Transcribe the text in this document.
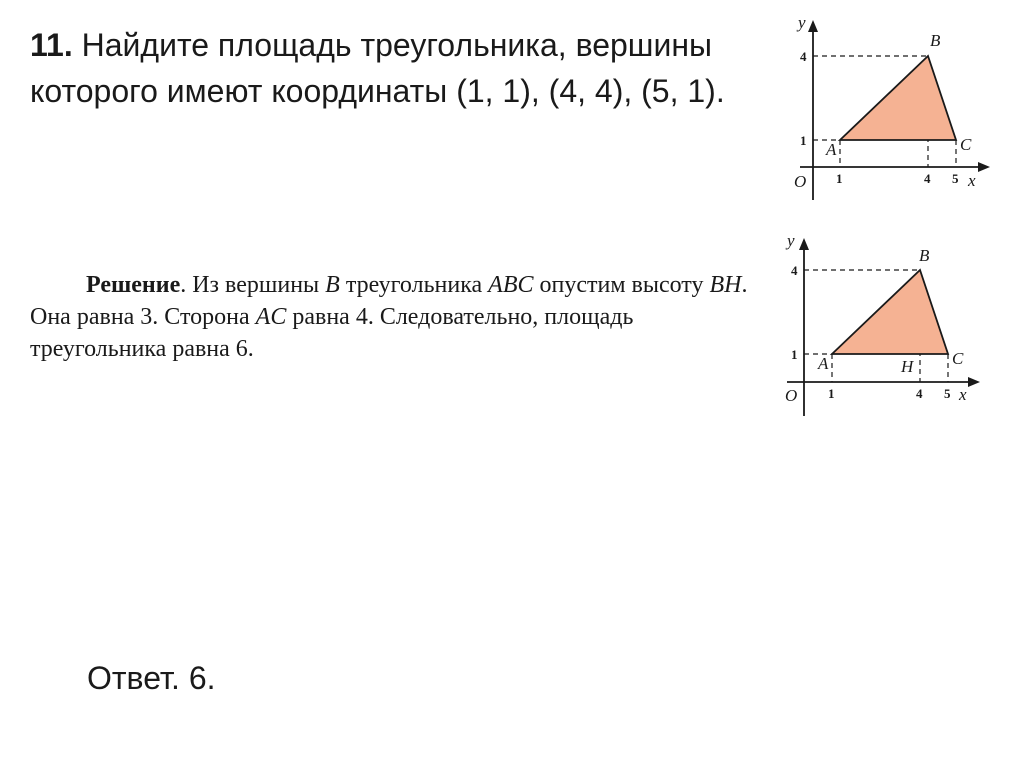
11. Найдите площадь треугольника, вершины которого имеют координаты (1, 1), (4, 4), (5, 1).

O	x
y
4
1
1	4 5
A
B
C
O	x
y
4
1
1	4 5
A
B
C
H

Решение. Из вершины B треугольника ABC опустим высоту BH. Она равна 3. Сторона AC равна 4. Следовательно, площадь треугольника равна 6.

Ответ. 6.
